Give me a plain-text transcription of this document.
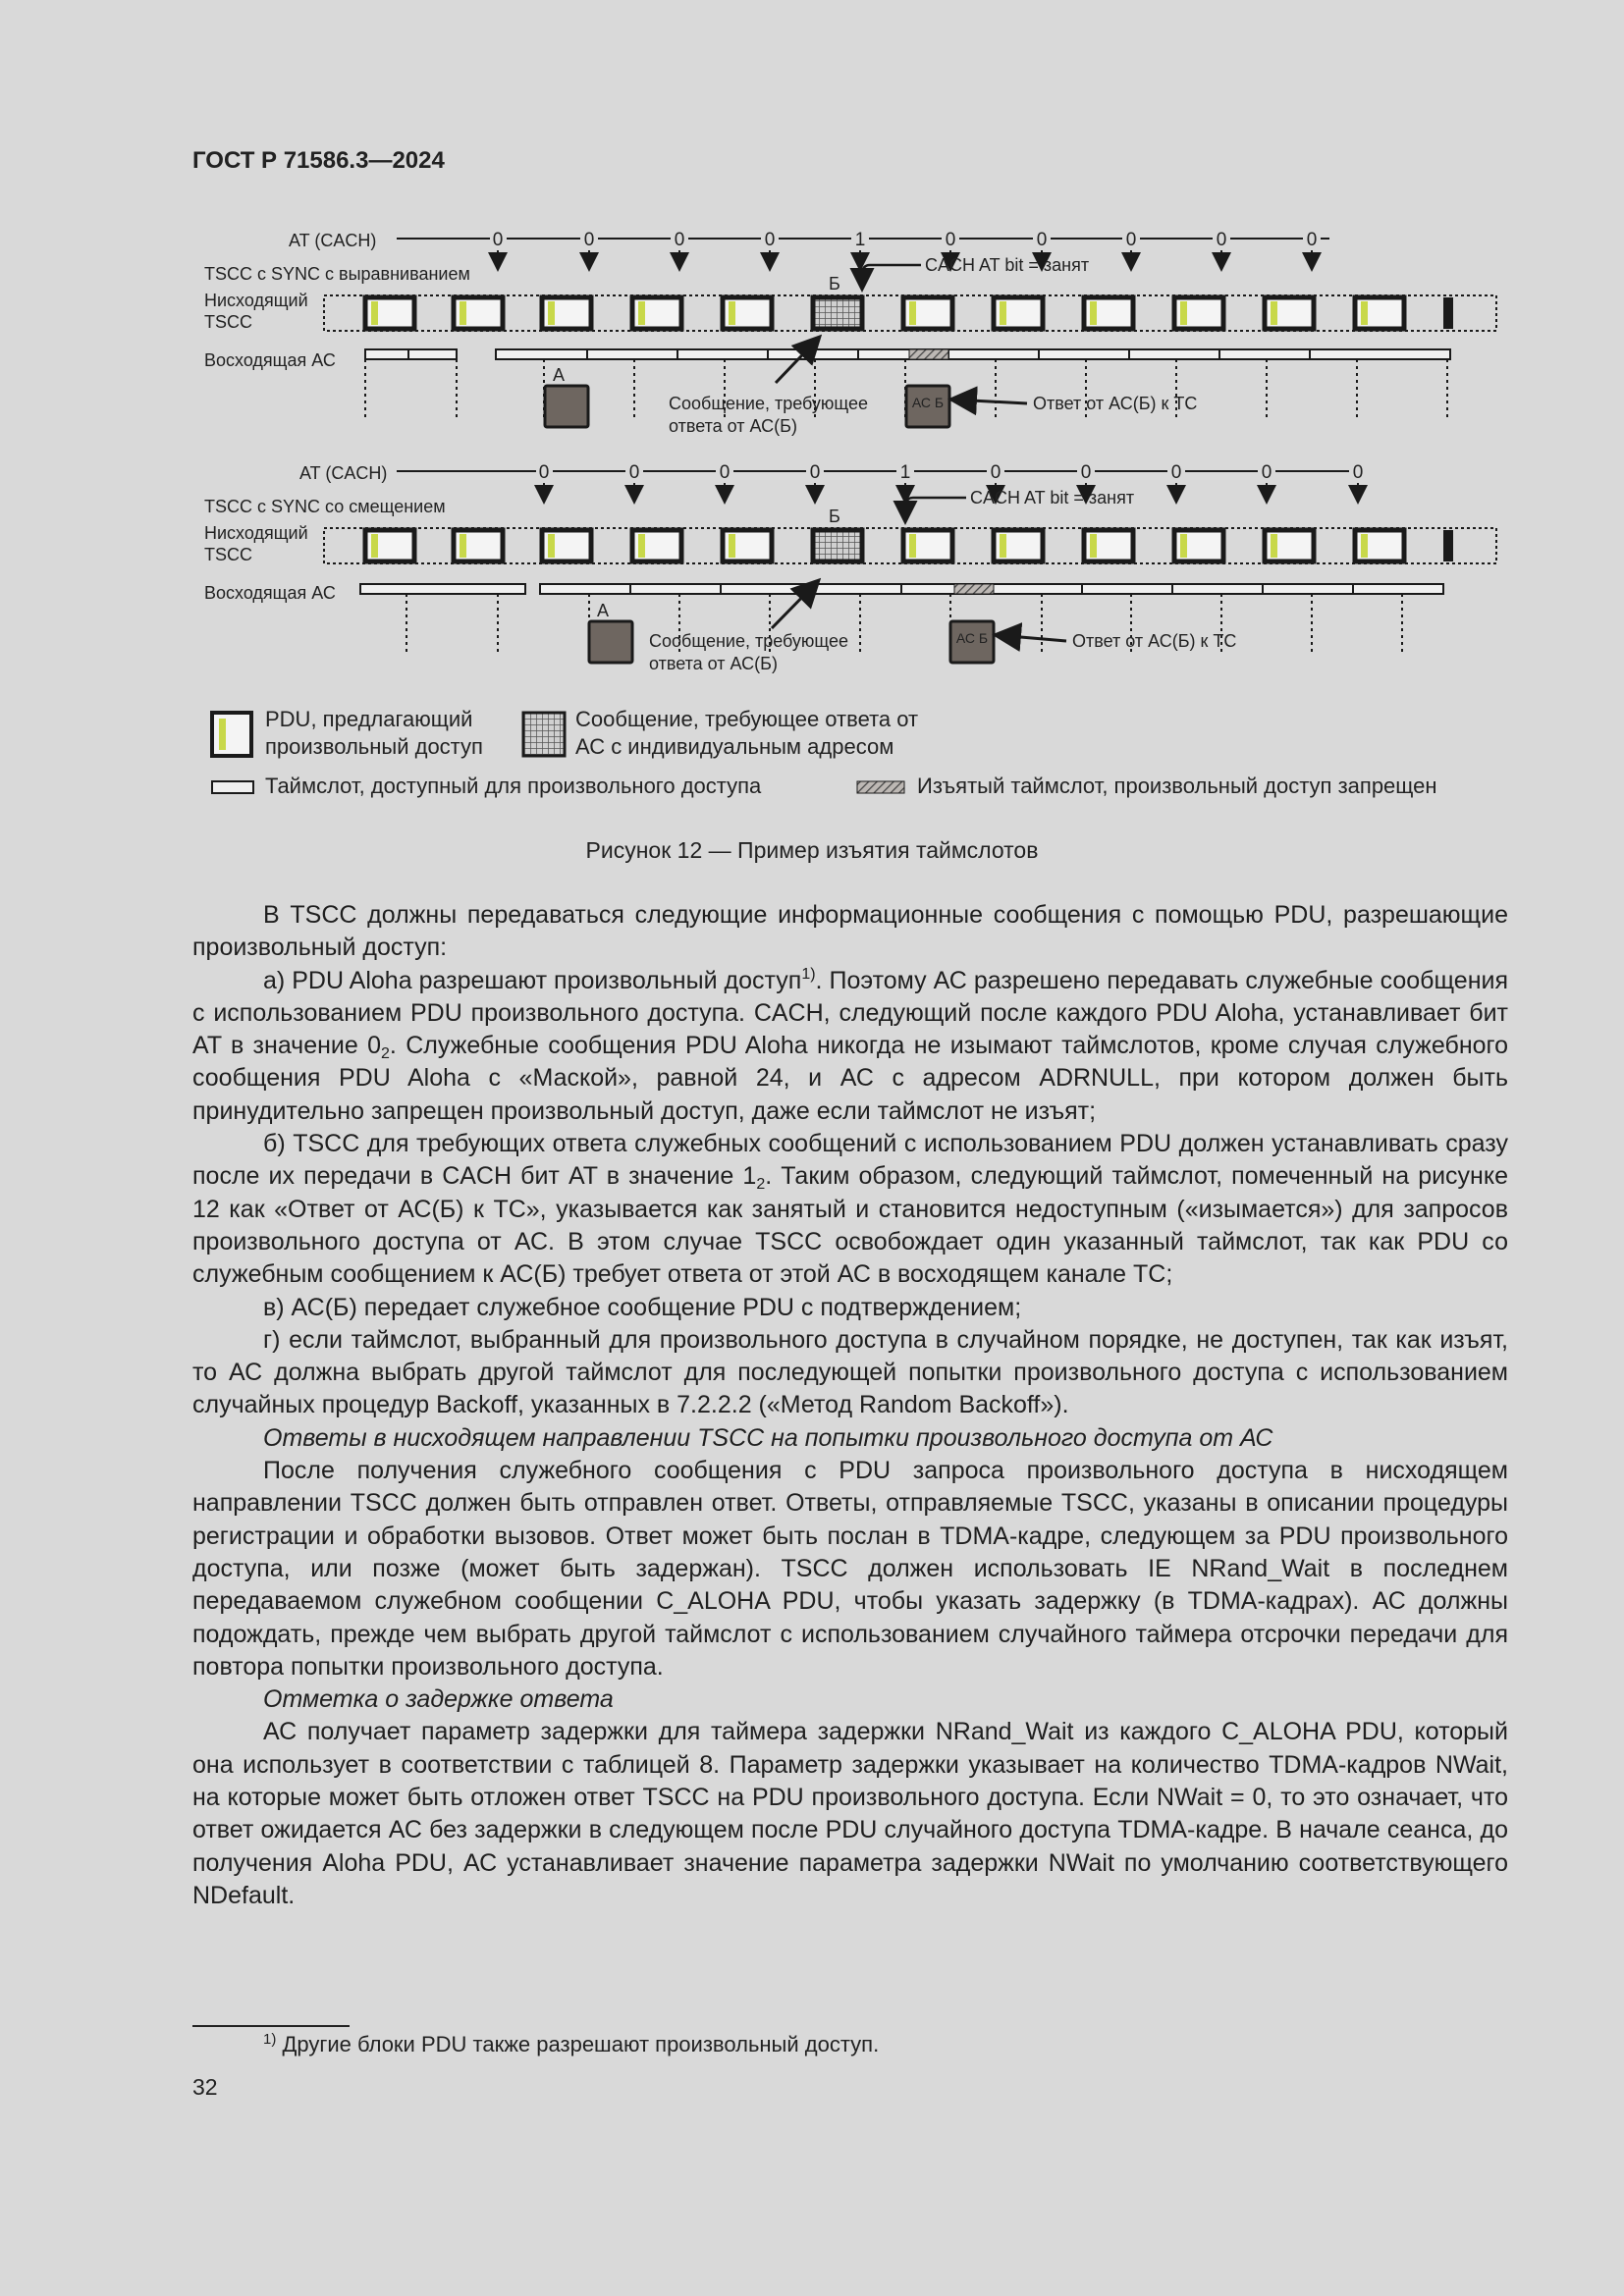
ГОСТ Р 71586.3—2024
AT (CACH)	0	0	0	0	1	0	0	0	0	0
TSCC с SYNC с выравниванием
Нисходящий
TSCC
Восходящая АС
А
АС Б
Б
CACH AT bit = занят
Сообщение, требующее
ответа от АС(Б)
Ответ от АС(Б) к ТС
AT (CACH)	0	0	0	0	1	0	0	0	0	0
TSCC с SYNC со смещением
Нисходящий
TSCC
Восходящая АС
А
АС Б
Б
CACH AT bit = занят
Сообщение, требующее
ответа от АС(Б)
Ответ от АС(Б) к ТС
PDU, предлагающий
произвольный доступ
Сообщение, требующее ответа от
АС с индивидуальным адресом
Таймслот, доступный для произвольного доступа	Изъятый таймслот, произвольный доступ запрещен
Рисунок 12 — Пример изъятия таймслотов

В TSCC должны передаваться следующие информационные сообщения с помощью PDU, разрешающие произвольный доступ:

а) PDU Aloha разрешают произвольный доступ$^{1)}$. Поэтому АС разрешено передавать служебные сообщения с использованием PDU произвольного доступа. CACH, следующий после каждого PDU Aloha, устанавливает бит AT в значение $0_2$. Служебные сообщения PDU Aloha никогда не изымают таймслотов, кроме случая служебного сообщения PDU Aloha с «Маской», равной 24, и АС с адресом ADRNULL, при котором должен быть принудительно запрещен произвольный доступ, даже если таймслот не изъят;

б) TSCC для требующих ответа служебных сообщений с использованием PDU должен устанавливать сразу после их передачи в CACH бит AT в значение $1_2$. Таким образом, следующий таймслот, помеченный на рисунке 12 как «Ответ от АС(Б) к ТС», указывается как занятый и становится недоступным («изымается») для запросов произвольного доступа от АС. В этом случае TSCC освобождает один указанный таймслот, так как PDU со служебным сообщением к АС(Б) требует ответа от этой АС в восходящем канале ТС;

в) АС(Б) передает служебное сообщение PDU с подтверждением;

г) если таймслот, выбранный для произвольного доступа в случайном порядке, не доступен, так как изъят, то АС должна выбрать другой таймслот для последующей попытки произвольного доступа с использованием случайных процедур Backoff, указанных в 7.2.2.2 («Метод Random Backoff»).

Ответы в нисходящем направлении TSCC на попытки произвольного доступа от АС

После получения служебного сообщения с PDU запроса произвольного доступа в нисходящем направлении TSCC должен быть отправлен ответ. Ответы, отправляемые TSCC, указаны в описании процедуры регистрации и обработки вызовов. Ответ может быть послан в TDMA-кадре, следующем за PDU произвольного доступа, или позже (может быть задержан). TSCC должен использовать IE NRand_Wait в последнем передаваемом служебном сообщении C_ALOHA PDU, чтобы указать задержку (в TDMA-кадрах). АС должны подождать, прежде чем выбрать другой таймслот с использованием случайного таймера отсрочки передачи для повтора попытки произвольного доступа.

Отметка о задержке ответа

АС получает параметр задержки для таймера задержки NRand_Wait из каждого C_ALOHA PDU, который она использует в соответствии с таблицей 8. Параметр задержки указывает на количество TDMA-кадров NWait, на которые может быть отложен ответ TSCC на PDU произвольного доступа. Если NWait = 0, то это означает, что ответ ожидается АС без задержки в следующем после PDU случайного доступа TDMA-кадре. В начале сеанса, до получения Aloha PDU, АС устанавливает значение параметра задержки NWait по умолчанию соответствующего NDefault.

$^{1)}$ Другие блоки PDU также разрешают произвольный доступ.
32
